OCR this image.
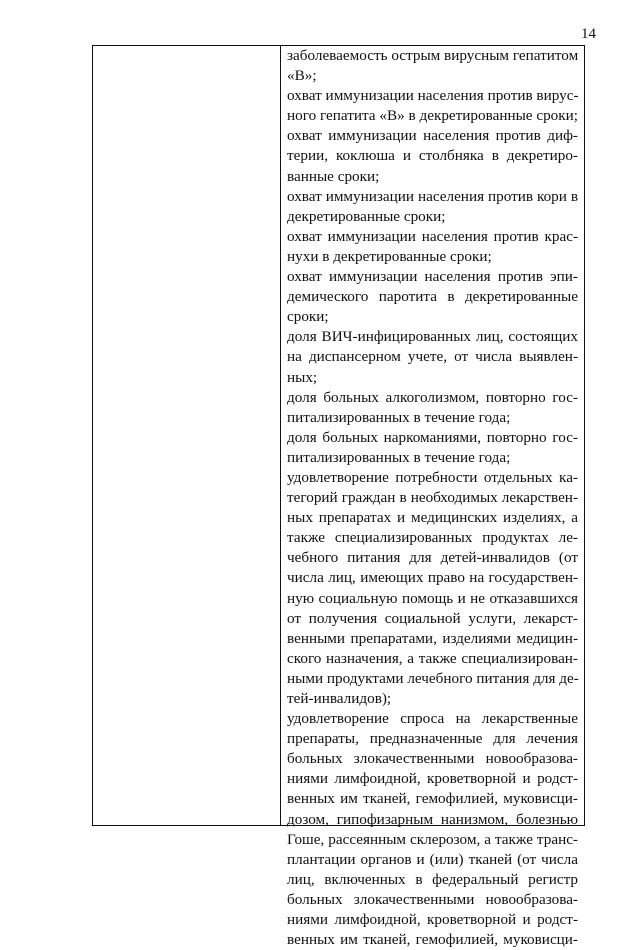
14
заболеваемость острым вирусным гепатитом
«B»;
охват иммунизации населения против вирус-
ного гепатита «B» в декретированные сроки;
охват иммунизации населения против диф-
терии, коклюша и столбняка в декретиро-
ванные сроки;
охват иммунизации населения против кори в
декретированные сроки;
охват иммунизации населения против крас-
нухи в декретированные сроки;
охват иммунизации населения против эпи-
демического паротита в декретированные
сроки;
доля ВИЧ-инфицированных лиц, состоящих
на диспансерном учете, от числа выявлен-
ных;
доля больных алкоголизмом, повторно гос-
питализированных в течение года;
доля больных наркоманиями, повторно гос-
питализированных в течение года;
удовлетворение потребности отдельных ка-
тегорий граждан в необходимых лекарствен-
ных препаратах и медицинских изделиях, а
также специализированных продуктах ле-
чебного питания для детей-инвалидов (от
числа лиц, имеющих право на государствен-
ную социальную помощь и не отказавшихся
от получения социальной услуги, лекарст-
венными препаратами, изделиями медицин-
ского назначения, а также специализирован-
ными продуктами лечебного питания для де-
тей-инвалидов);
удовлетворение спроса на лекарственные
препараты, предназначенные для лечения
больных злокачественными новообразова-
ниями лимфоидной, кроветворной и родст-
венных им тканей, гемофилией, муковисци-
дозом, гипофизарным нанизмом, болезнью
Гоше, рассеянным склерозом, а также транс-
плантации органов и (или) тканей (от числа
лиц, включенных в федеральный регистр
больных злокачественными новообразова-
ниями лимфоидной, кроветворной и родст-
венных им тканей, гемофилией, муковисци-
